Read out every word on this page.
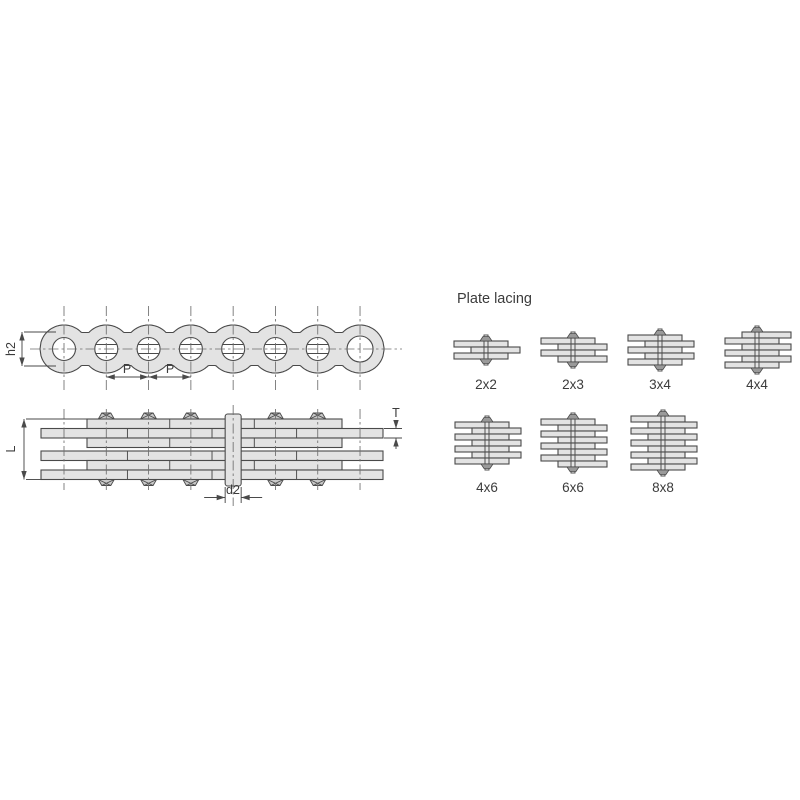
h2
P	P
L
T
d2
Plate lacing
2x2	2x3	3x4	4x4
4x6	6x6	8x8
